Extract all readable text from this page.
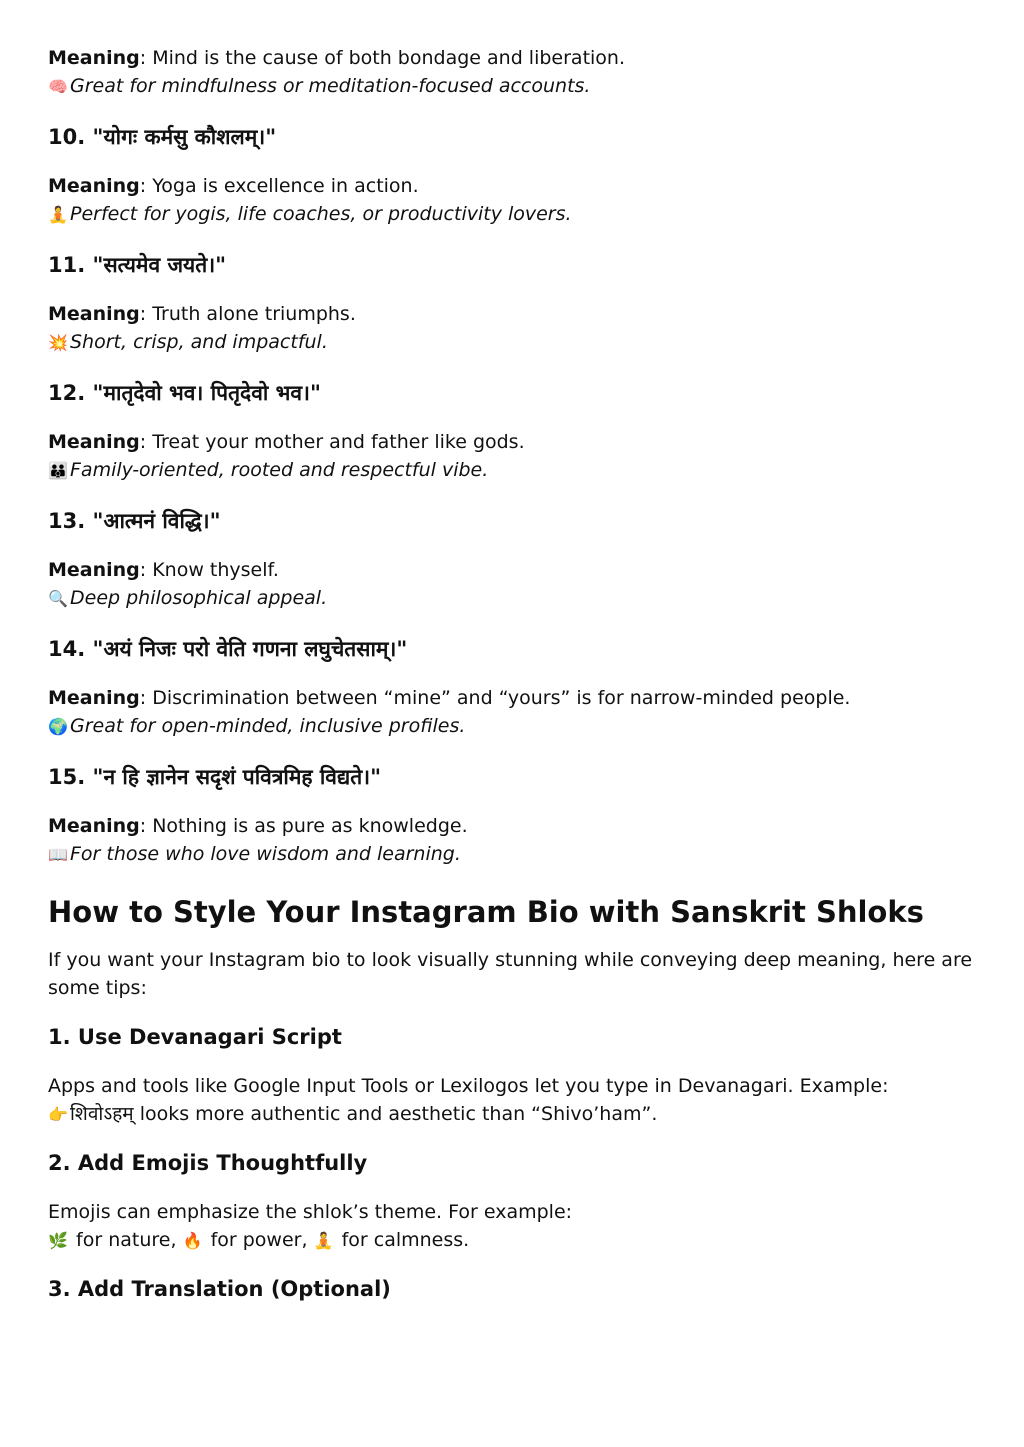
Meaning: Mind is the cause of both bondage and liberation.
🧠 Great for mindfulness or meditation-focused accounts.
10. "योगः कर्मसु कौशलम्।"
Meaning: Yoga is excellence in action.
🧘 Perfect for yogis, life coaches, or productivity lovers.
11. "सत्यमेव जयते।"
Meaning: Truth alone triumphs.
💥 Short, crisp, and impactful.
12. "मातृदेवो भव। पितृदेवो भव।"
Meaning: Treat your mother and father like gods.
👪 Family-oriented, rooted and respectful vibe.
13. "आत्मनं विद्धि।"
Meaning: Know thyself.
🔍 Deep philosophical appeal.
14. "अयं निजः परो वेति गणना लघुचेतसाम्।"
Meaning: Discrimination between “mine” and “yours” is for narrow-minded people.
🌍 Great for open-minded, inclusive profiles.
15. "न हि ज्ञानेन सदृशं पवित्रमिह विद्यते।"
Meaning: Nothing is as pure as knowledge.
📖 For those who love wisdom and learning.
How to Style Your Instagram Bio with Sanskrit Shloks

If you want your Instagram bio to look visually stunning while conveying deep meaning, here are some tips:

1. Use Devanagari Script
Apps and tools like Google Input Tools or Lexilogos let you type in Devanagari. Example:
👉 शिवोऽहम् looks more authentic and aesthetic than “Shivo’ham”.
2. Add Emojis Thoughtfully
Emojis can emphasize the shlok’s theme. For example:
🌿 for nature, 🔥 for power, 🧘 for calmness.
3. Add Translation (Optional)
